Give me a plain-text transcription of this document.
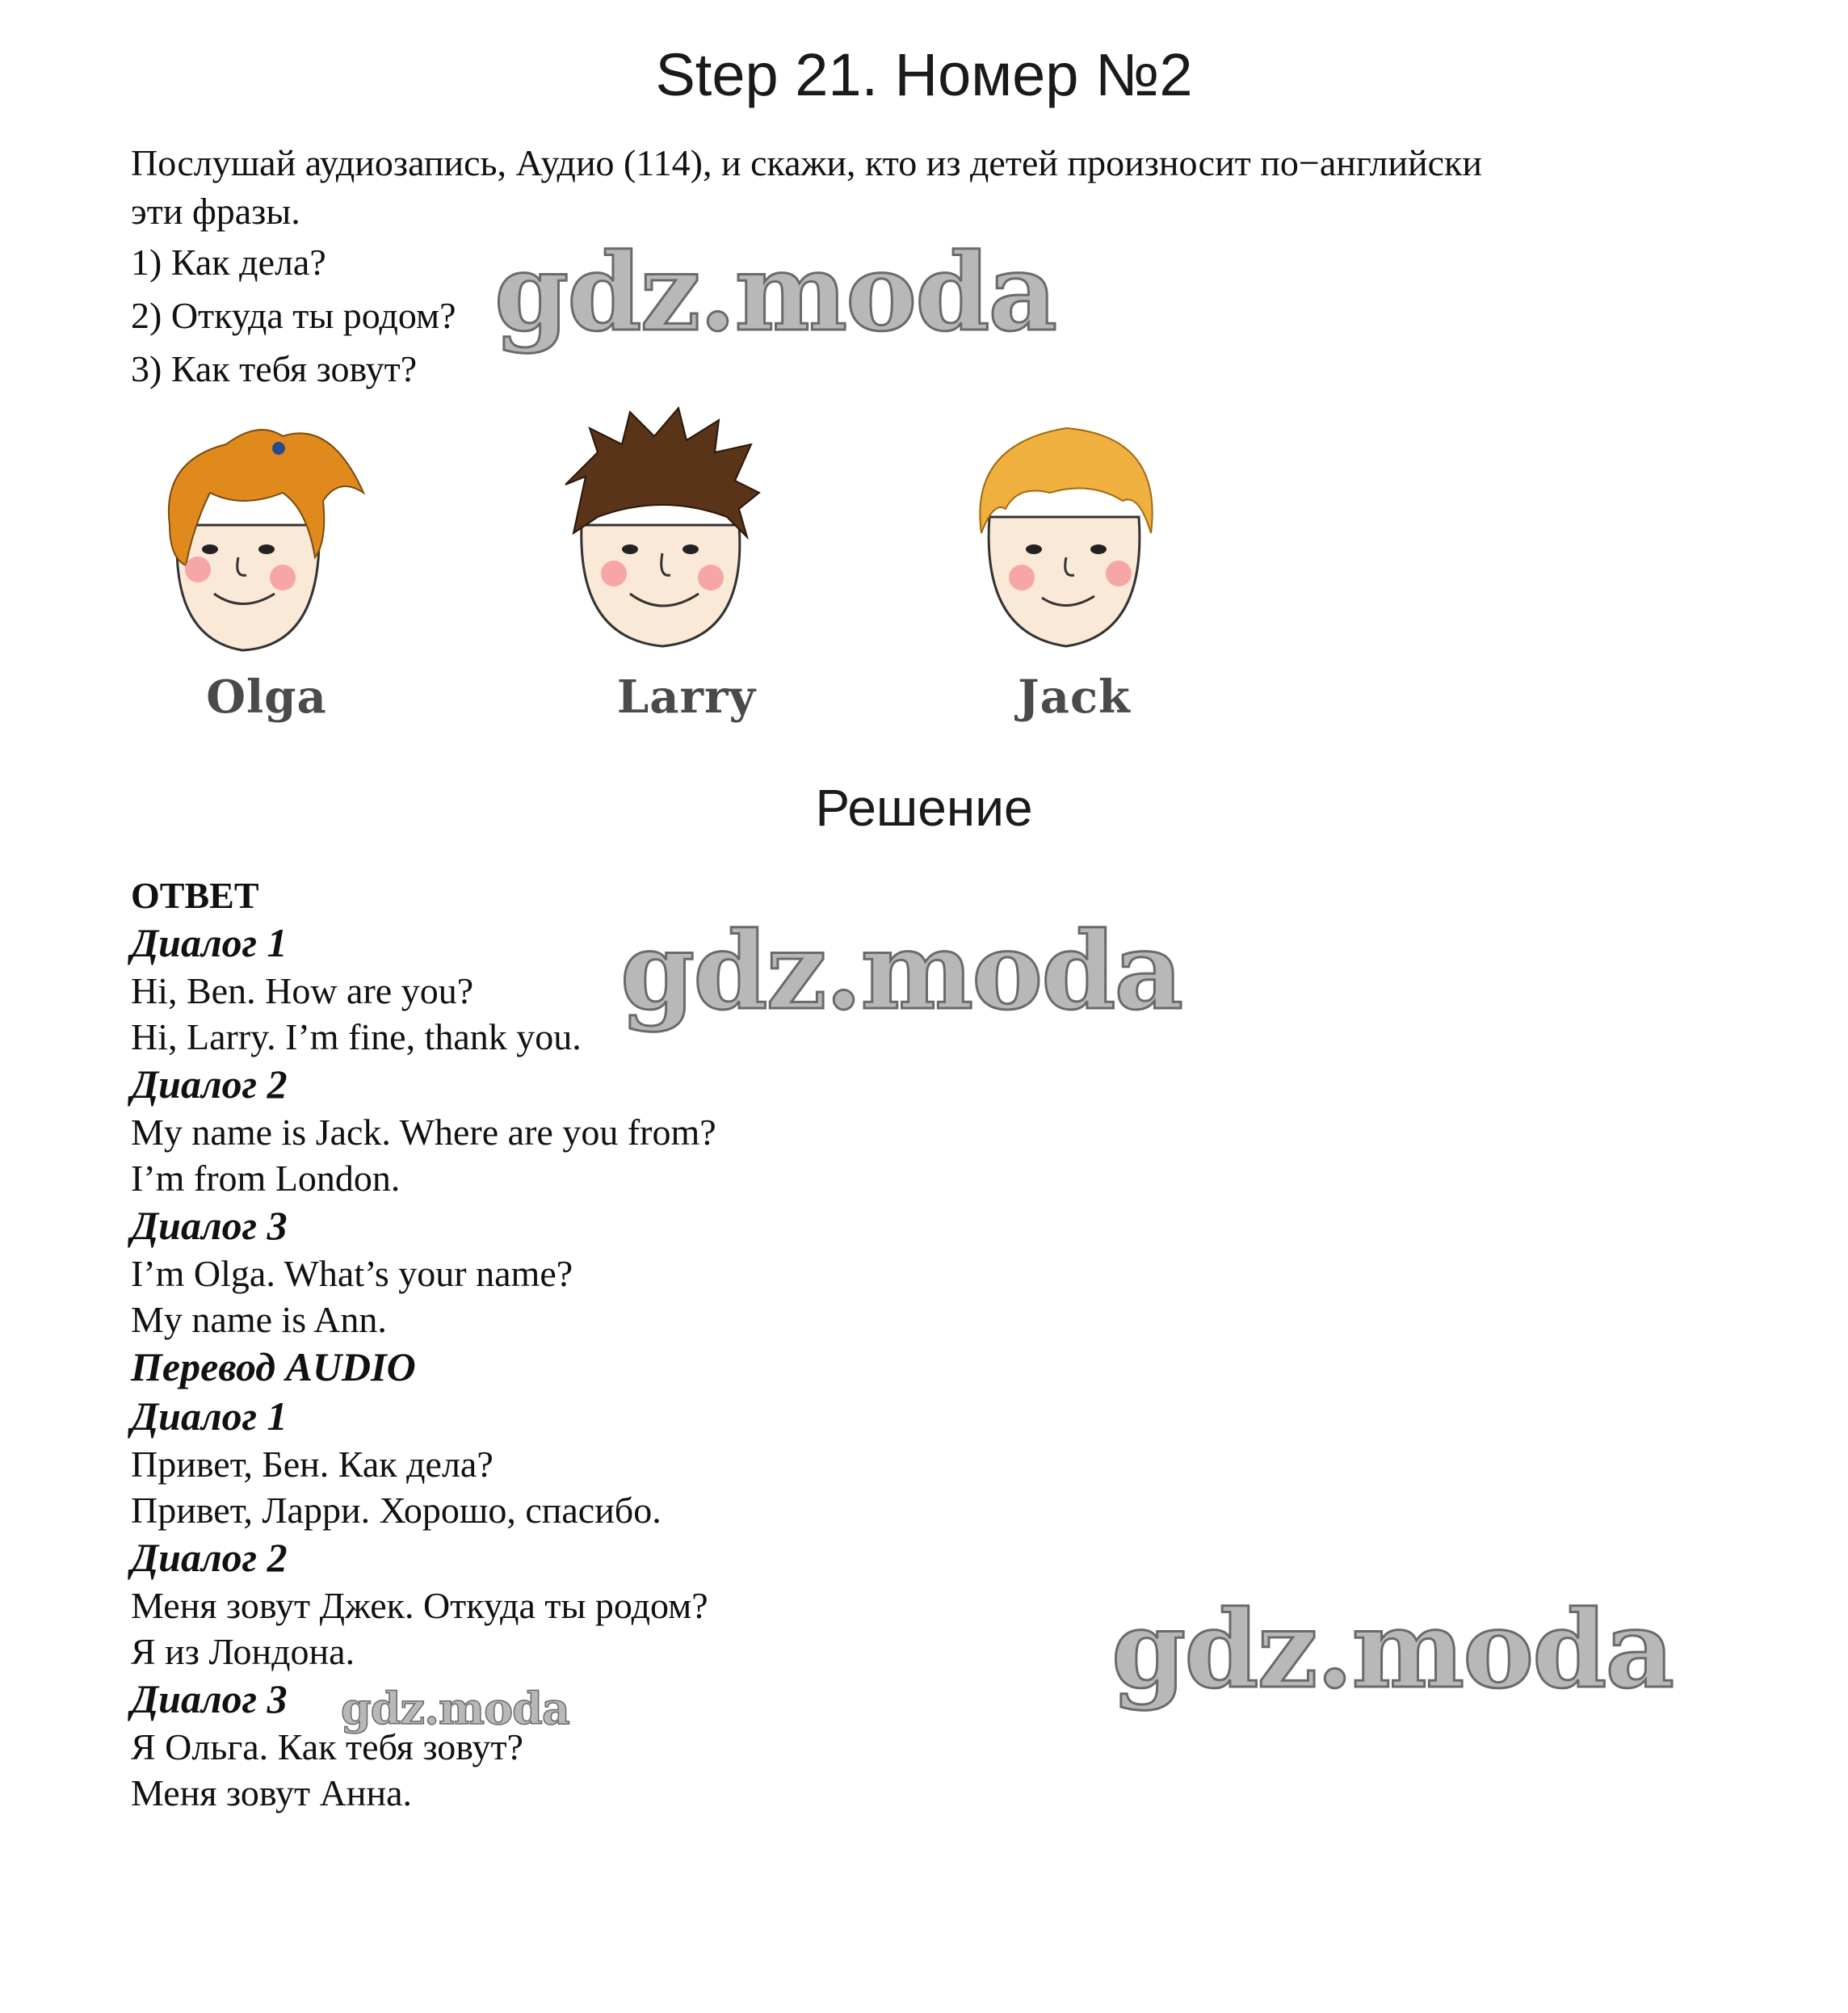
Step 21. Номер №2

Послушай аудиозапись, Аудио (114), и скажи, кто из детей произносит по−английски

эти фразы.

1) Как дела?

2) Откуда ты родом?

3) Как тебя зовут?

Olga	Larry	Jack
Решение
ОТВЕТ
Диалог 1
Hi, Ben. How are you?
Hi, Larry. I’m fine, thank you.
Диалог 2
My name is Jack. Where are you from?
I’m from London.
Диалог 3
I’m Olga. What’s your name?
My name is Ann.
Перевод AUDIO
Диалог 1
Привет, Бен. Как дела?
Привет, Ларри. Хорошо, спасибо.
Диалог 2
Меня зовут Джек. Откуда ты родом?
Я из Лондона.
Диалог 3
Я Ольга. Как тебя зовут?
Меня зовут Анна.
gdz.moda
gdz.moda
gdz.moda
gdz.moda
